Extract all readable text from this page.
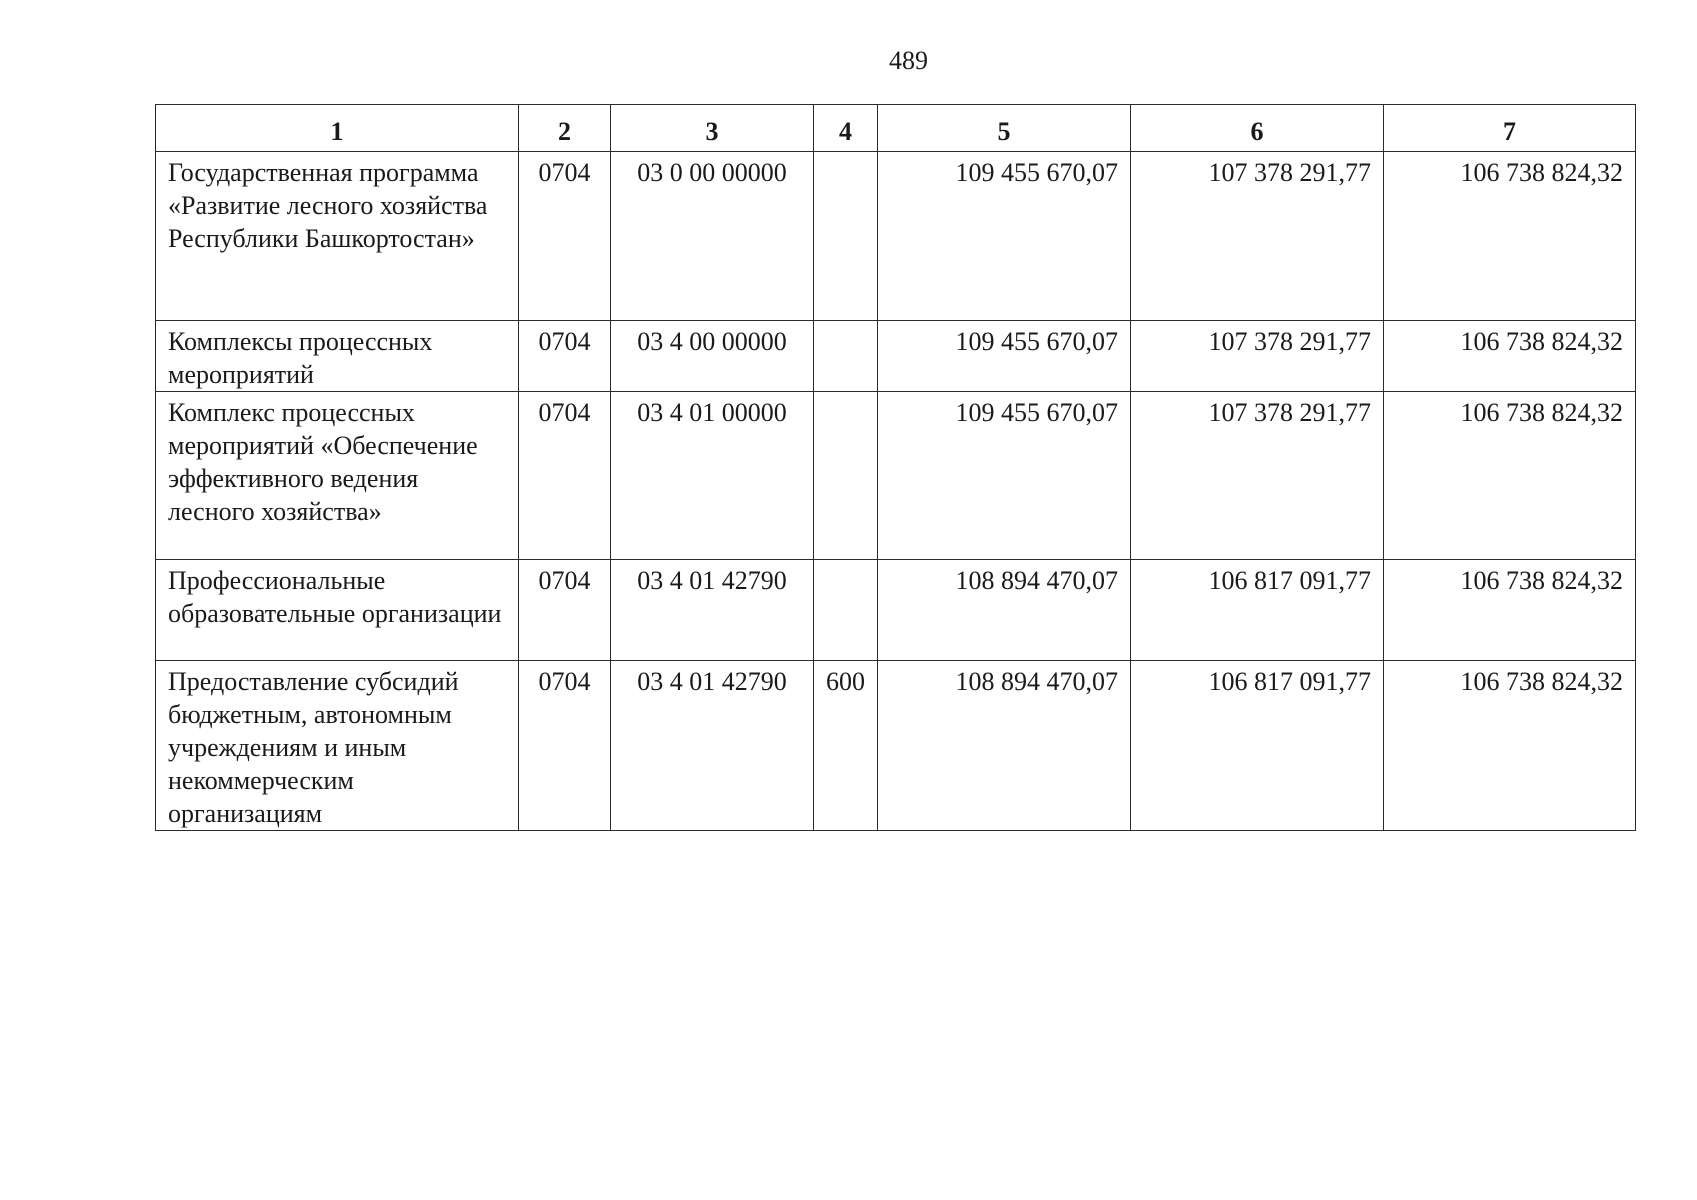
489
1	2	3	4	5	6	7
Государственная программа «Развитие лесного хозяйства Республики Башкортостан»	0704	03 0 00 00000		109 455 670,07	107 378 291,77	106 738 824,32
Комплексы процессных мероприятий	0704	03 4 00 00000		109 455 670,07	107 378 291,77	106 738 824,32
Комплекс процессных мероприятий «Обеспечение эффективного ведения лесного хозяйства»	0704	03 4 01 00000		109 455 670,07	107 378 291,77	106 738 824,32
Профессиональные образовательные организации	0704	03 4 01 42790		108 894 470,07	106 817 091,77	106 738 824,32
Предоставление субсидий бюджетным, автономным учреждениям и иным некоммерческим организациям	0704	03 4 01 42790	600	108 894 470,07	106 817 091,77	106 738 824,32
